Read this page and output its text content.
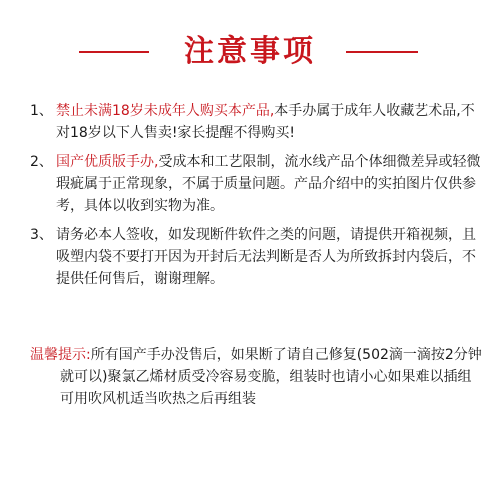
注意事项
1、 禁止未满18岁未成年人购买本产品,本手办属于成年人收藏艺术品,不对18岁以下人售卖!家长提醒不得购买!
2、 国产优质版手办,受成本和工艺限制，流水线产品个体细微差异或轻微瑕疵属于正常现象，不属于质量问题。产品介绍中的实拍图片仅供参考，具体以收到实物为准。
3、 请务必本人签收，如发现断件软件之类的问题，请提供开箱视频，且吸塑内袋不要打开因为开封后无法判断是否人为所致拆封内袋后，不提供任何售后，谢谢理解。
温馨提示:所有国产手办没售后，如果断了请自己修复(502滴一滴按2分钟就可以)聚氯乙烯材质受冷容易变脆，组装时也请小心如果难以插组可用吹风机适当吹热之后再组装
